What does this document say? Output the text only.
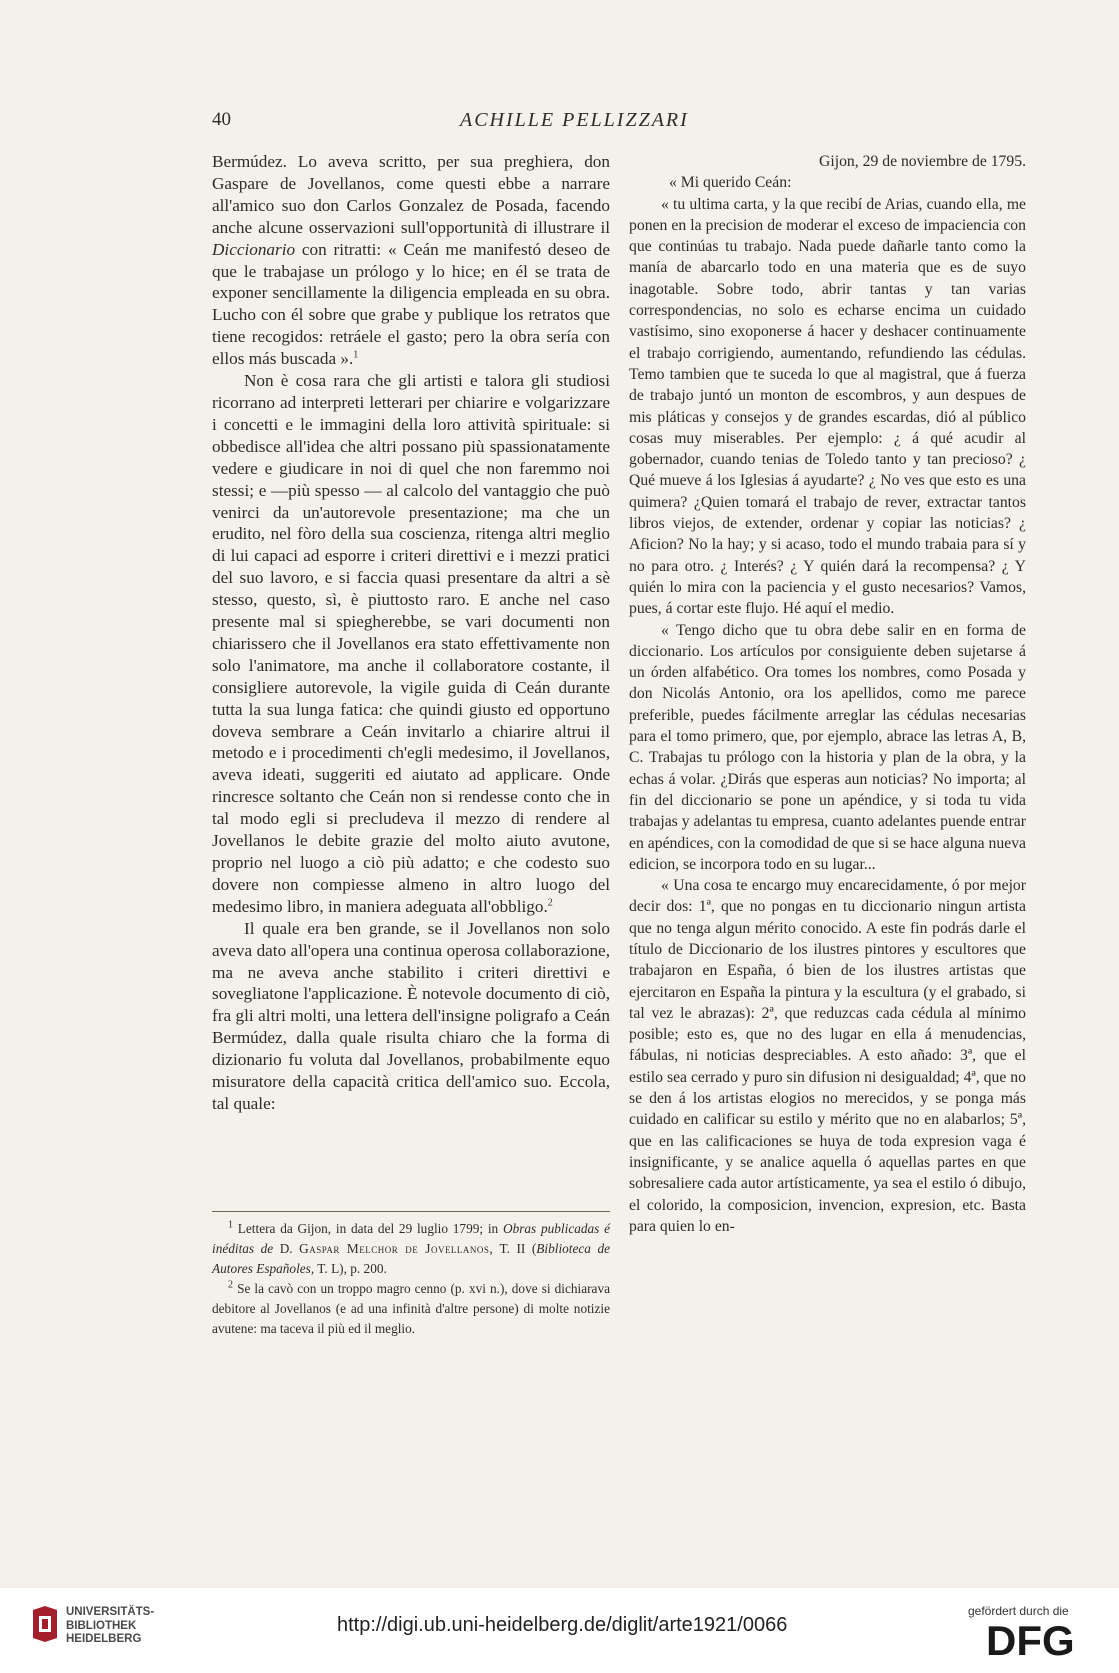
40	ACHILLE PELLIZZARI

Bermúdez. Lo aveva scritto, per sua preghiera, don Gaspare de Jovellanos, come questi ebbe a narrare all'amico suo don Carlos Gonzalez de Posada, facendo anche alcune osservazioni sull'opportunità di illustrare il Diccionario con ritratti: « Ceán me manifestó deseo de que le trabajase un prólogo y lo hice; en él se trata de exponer sencillamente la diligencia empleada en su obra. Lucho con él sobre que grabe y publique los retratos que tiene recogidos: retráele el gasto; pero la obra sería con ellos más buscada ».$^1$

Non è cosa rara che gli artisti e talora gli studiosi ricorrano ad interpreti letterari per chiarire e volgarizzare i concetti e le immagini della loro attività spirituale: si obbedisce all'idea che altri possano più spassionatamente vedere e giudicare in noi di quel che non faremmo noi stessi; e —più spesso — al calcolo del vantaggio che può venirci da un'autorevole presentazione; ma che un erudito, nel fòro della sua coscienza, ritenga altri meglio di lui capaci ad esporre i criteri direttivi e i mezzi pratici del suo lavoro, e si faccia quasi presentare da altri a sè stesso, questo, sì, è piuttosto raro. E anche nel caso presente mal si spiegherebbe, se vari documenti non chiarissero che il Jovellanos era stato effettivamente non solo l'animatore, ma anche il collaboratore costante, il consigliere autorevole, la vigile guida di Ceán durante tutta la sua lunga fatica: che quindi giusto ed opportuno doveva sembrare a Ceán invitarlo a chiarire altrui il metodo e i procedimenti ch'egli medesimo, il Jovellanos, aveva ideati, suggeriti ed aiutato ad applicare. Onde rincresce soltanto che Ceán non si rendesse conto che in tal modo egli si precludeva il mezzo di rendere al Jovellanos le debite grazie del molto aiuto avutone, proprio nel luogo a ciò più adatto; e che codesto suo dovere non compiesse almeno in altro luogo del medesimo libro, in maniera adeguata all'obbligo.$^2$

Il quale era ben grande, se il Jovellanos non solo aveva dato all'opera una continua operosa collaborazione, ma ne aveva anche stabilito i criteri direttivi e sovegliatone l'applicazione. È notevole documento di ciò, fra gli altri molti, una lettera dell'insigne poligrafo a Ceán Bermúdez, dalla quale risulta chiaro che la forma di dizionario fu voluta dal Jovellanos, probabilmente equo misuratore della capacità critica dell'amico suo. Eccola, tal quale:

Gijon, 29 de noviembre de 1795.

« Mi querido Ceán:

« tu ultima carta, y la que recibí de Arias, cuando ella, me ponen en la precision de moderar el exceso de impaciencia con que continúas tu trabajo. Nada puede dañarle tanto como la manía de abarcarlo todo en una materia que es de suyo inagotable. Sobre todo, abrir tantas y tan varias correspondencias, no solo es echarse encima un cuidado vastísimo, sino exoponerse á hacer y deshacer continuamente el trabajo corrigiendo, aumentando, refundiendo las cédulas. Temo tambien que te suceda lo que al magistral, que á fuerza de trabajo juntó un monton de escombros, y aun despues de mis pláticas y consejos y de grandes escardas, dió al público cosas muy miserables. Per ejemplo: ¿ á qué acudir al gobernador, cuando tenias de Toledo tanto y tan precioso? ¿ Qué mueve á los Iglesias á ayudarte? ¿ No ves que esto es una quimera? ¿Quien tomará el trabajo de rever, extractar tantos libros viejos, de extender, ordenar y copiar las noticias? ¿ Aficion? No la hay; y si acaso, todo el mundo trabaia para sí y no para otro. ¿ Interés? ¿ Y quién dará la recompensa? ¿ Y quién lo mira con la paciencia y el gusto necesarios? Vamos, pues, á cortar este flujo. Hé aquí el medio.

« Tengo dicho que tu obra debe salir en en forma de diccionario. Los artículos por consiguiente deben sujetarse á un órden alfabético. Ora tomes los nombres, como Posada y don Nicolás Antonio, ora los apellidos, como me parece preferible, puedes fácilmente arreglar las cédulas necesarias para el tomo primero, que, por ejemplo, abrace las letras A, B, C. Trabajas tu prólogo con la historia y plan de la obra, y la echas á volar. ¿Dirás que esperas aun noticias? No importa; al fin del diccionario se pone un apéndice, y si toda tu vida trabajas y adelantas tu empresa, cuanto adelantes puende entrar en apéndices, con la comodidad de que si se hace alguna nueva edicion, se incorpora todo en su lugar...

« Una cosa te encargo muy encarecidamente, ó por mejor decir dos: 1ª, que no pongas en tu diccionario ningun artista que no tenga algun mérito conocido. A este fin podrás darle el título de Diccionario de los ilustres pintores y escultores que trabajaron en España, ó bien de los ilustres artistas que ejercitaron en España la pintura y la escultura (y el grabado, si tal vez le abrazas): 2ª, que reduzcas cada cédula al mínimo posible; esto es, que no des lugar en ella á menudencias, fábulas, ni noticias despreciables. A esto añado: 3ª, que el estilo sea cerrado y puro sin difusion ni desigualdad; 4ª, que no se den á los artistas elogios no merecidos, y se ponga más cuidado en calificar su estilo y mérito que no en alabarlos; 5ª, que en las calificaciones se huya de toda expresion vaga é insignificante, y se analice aquella ó aquellas partes en que sobresaliere cada autor artísticamente, ya sea el estilo ó dibujo, el colorido, la composicion, invencion, expresion, etc. Basta para quien lo en-

$^1$ Lettera da Gijon, in data del 29 luglio 1799; in Obras publicadas é inéditas de D. Gaspar Melchor de Jovellanos, T. II (Biblioteca de Autores Españoles, T. L), p. 200.

$^2$ Se la cavò con un troppo magro cenno (p. xvi n.), dove si dichiarava debitore al Jovellanos (e ad una infinità d'altre persone) di molte notizie avutene: ma taceva il più ed il meglio.

UNIVERSITÄTS-
BIBLIOTHEK
HEIDELBERG
http://digi.ub.uni-heidelberg.de/diglit/arte1921/0066
gefördert durch die
DFG
